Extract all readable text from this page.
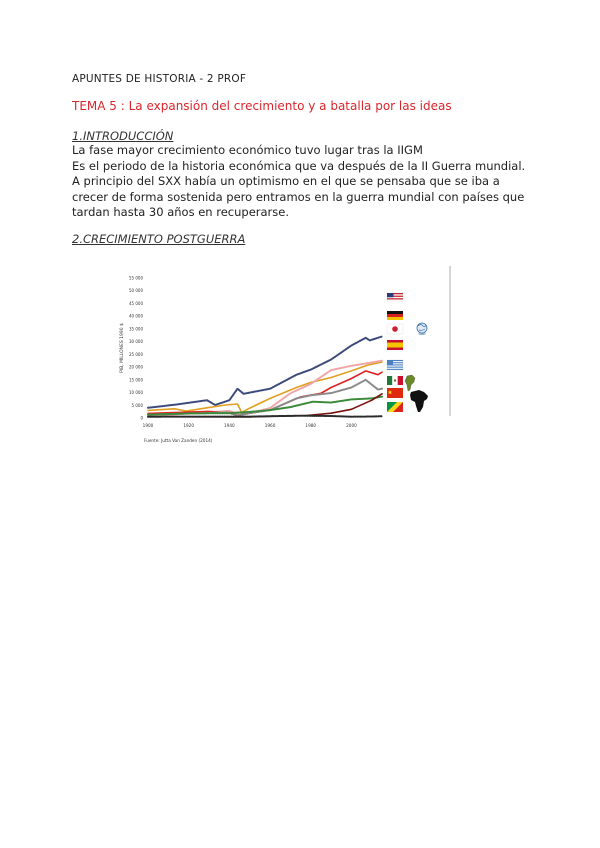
APUNTES DE HISTORIA - 2 PROF
TEMA 5 : La expansión del crecimiento y a batalla por las ideas
1.INTRODUCCIÓN
La fase mayor crecimiento económico tuvo lugar tras la IIGM
Es el periodo de la historia económica que va después de la II Guerra mundial.
A principio del SXX había un optimismo en el que se pensaba que se iba a
crecer de forma sostenida pero entramos en la guerra mundial con países que
tardan hasta 30 años en recuperarse.
2.CRECIMIENTO POSTGUERRA
0
5 000
10 000
15 000
20 000
25 000
30 000
35 000
40 000
45 000
50 000
55 000
1900	1920	1940	1960	1980	2000
PIB, MILLONES 1990 $
Fuente: Jutta Van Zanden (2014)
